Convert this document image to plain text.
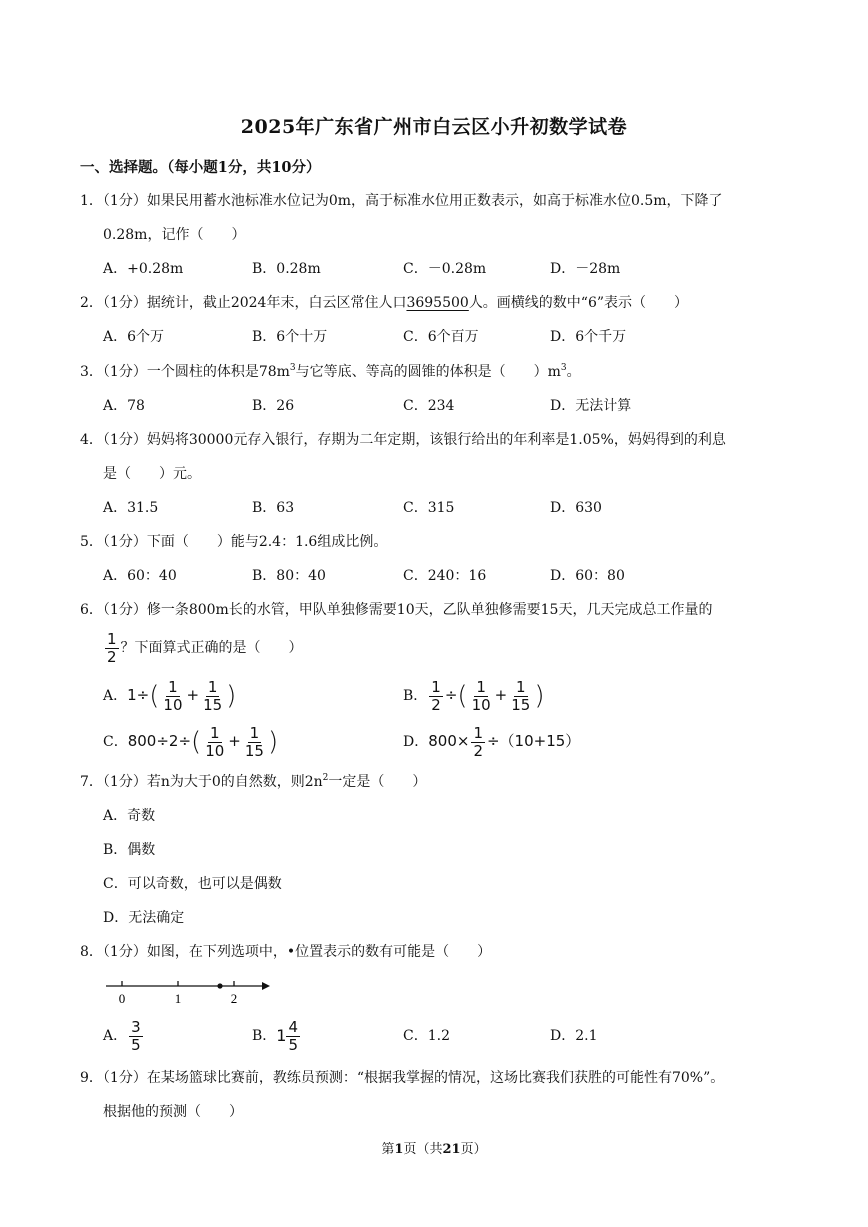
2025年广东省广州市白云区小升初数学试卷
一、选择题。（每小题1分，共10分）
1．（1分）如果民用蓄水池标准水位记为0m，高于标准水位用正数表示，如高于标准水位0.5m，下降了
0.28m，记作（　　）
A．+0.28m	B．0.28m	C．－0.28m	D．－28m
2．（1分）据统计，截止2024年末，白云区常住人口3695500人。画横线的数中“6”表示（　　）
A．6个万	B．6个十万	C．6个百万	D．6个千万
3．（1分）一个圆柱的体积是$78m^3$与它等底、等高的圆锥的体积是（　　）$m^3$。
A．78	B．26	C．234	D．无法计算
4．（1分）妈妈将30000元存入银行，存期为二年定期，该银行给出的年利率是1.05%，妈妈得到的利息
是（　　）元。
A．31.5	B．63	C．315	D．630
5．（1分）下面（　　）能与2.4：1.6组成比例。
A．60：40	B．80：40	C．240：16	D．60：80
6．（1分）修一条800m长的水管，甲队单独修需要10天，乙队单独修需要15天，几天完成总工作量的
$\frac{1}{2}$ ？下面算式正确的是（　　）
A．$1\div( \frac{1}{10} + \frac{1}{15}$ )	B． $\frac{1}{2}$ ÷( $\frac{1}{10} + \frac{1}{15}$ )
C．$800\div 2\div( \frac{1}{10} + \frac{1}{15}$ )	D．$800\times \frac{1}{2} \div(10+15)$
7．（1分）若n为大于0的自然数，则$2n^2$一定是（　　）
A．奇数
B．偶数
C．可以奇数，也可以是偶数
D．无法确定
8．（1分）如图，在下列选项中，•位置表示的数有可能是（　　）
0	1	2
A． $\frac{3}{5}$	B． $1 \frac{4}{5}$	C．1.2	D．2.1
9．（1分）在某场篮球比赛前，教练员预测：“根据我掌握的情况，这场比赛我们获胜的可能性有70%”。
根据他的预测（　　）
第1页（共21页）
